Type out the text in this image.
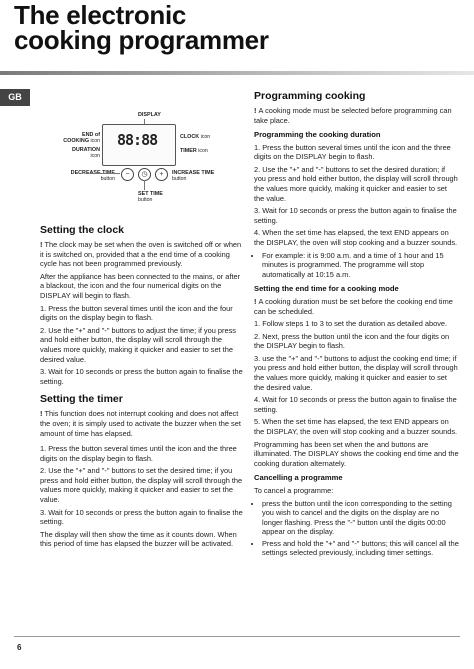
The electronic
cooking programmer
GB
DISPLAY
88:88
END of
COOKING icon
DURATION
icon
CLOCK icon
TIMER icon
−	◷	+
DECREASE TIME
button
INCREASE TIME
button
SET TIME
button
Setting the clock

! The clock may be set when the oven is switched off or when it is switched on, provided that a the end time of a cooking cycle has not been programmed previously.

After the appliance has been connected to the mains, or after a blackout, the icon and the four numerical digits on the DISPLAY will begin to flash.

1. Press the button several times until the icon and the four digits on the display begin to flash.

2. Use the "+" and "-" buttons to adjust the time; if you press and hold either button, the display will scroll through the values more quickly, making it quicker and easier to set the desired value.

3. Wait for 10 seconds or press the button again to finalise the setting.

Setting the timer

! This function does not interrupt cooking and does not affect the oven; it is simply used to activate the buzzer when the set amount of time has elapsed.

1. Press the button several times until the icon and the three digits on the display begin to flash.

2. Use the "+" and "-" buttons to set the desired time; if you press and hold either button, the display will scroll through the values more quickly, making it quicker and easier to set the value.

3. Wait for 10 seconds or press the button again to finalise the setting.

The display will then show the time as it counts down. When this period of time has elapsed the buzzer will be activated.

Programming cooking

! A cooking mode must be selected before programming can take place.

Programming the cooking duration

1. Press the button several times until the icon and the three digits on the DISPLAY begin to flash.

2. Use the "+" and "-" buttons to set the desired duration; if you press and hold either button, the display will scroll through the values more quickly, making it quicker and easier to set the value.

3. Wait for 10 seconds or press the button again to finalise the setting.

4. When the set time has elapsed, the text END appears on the DISPLAY, the oven will stop cooking and a buzzer sounds.

• For example: it is 9:00 a.m. and a time of 1 hour and 15 minutes is programmed. The programme will stop automatically at 10:15 a.m.
Setting the end time for a cooking mode

! A cooking duration must be set before the cooking end time can be scheduled.

1. Follow steps 1 to 3 to set the duration as detailed above.

2. Next, press the button until the icon and the four digits on the DISPLAY begin to flash.

3. use the "+" and "-" buttons to adjust the cooking end time; if you press and hold either button, the display will scroll through the values more quickly, making it quicker and easier to set the desired value.

4. Wait for 10 seconds or press the button again to finalise the setting.

5. When the set time has elapsed, the text END appears on the DISPLAY, the oven will stop cooking and a buzzer sounds.

Programming has been set when the and buttons are illuminated. The DISPLAY shows the cooking end time and the cooking duration alternately.

Cancelling a programme

To cancel a programme:

• press the button until the icon corresponding to the setting you wish to cancel and the digits on the display are no longer flashing. Press the "-" button until the digits 00:00 appear on the display.
• Press and hold the "+" and "-" buttons; this will cancel all the settings selected previously, including timer settings.
6
